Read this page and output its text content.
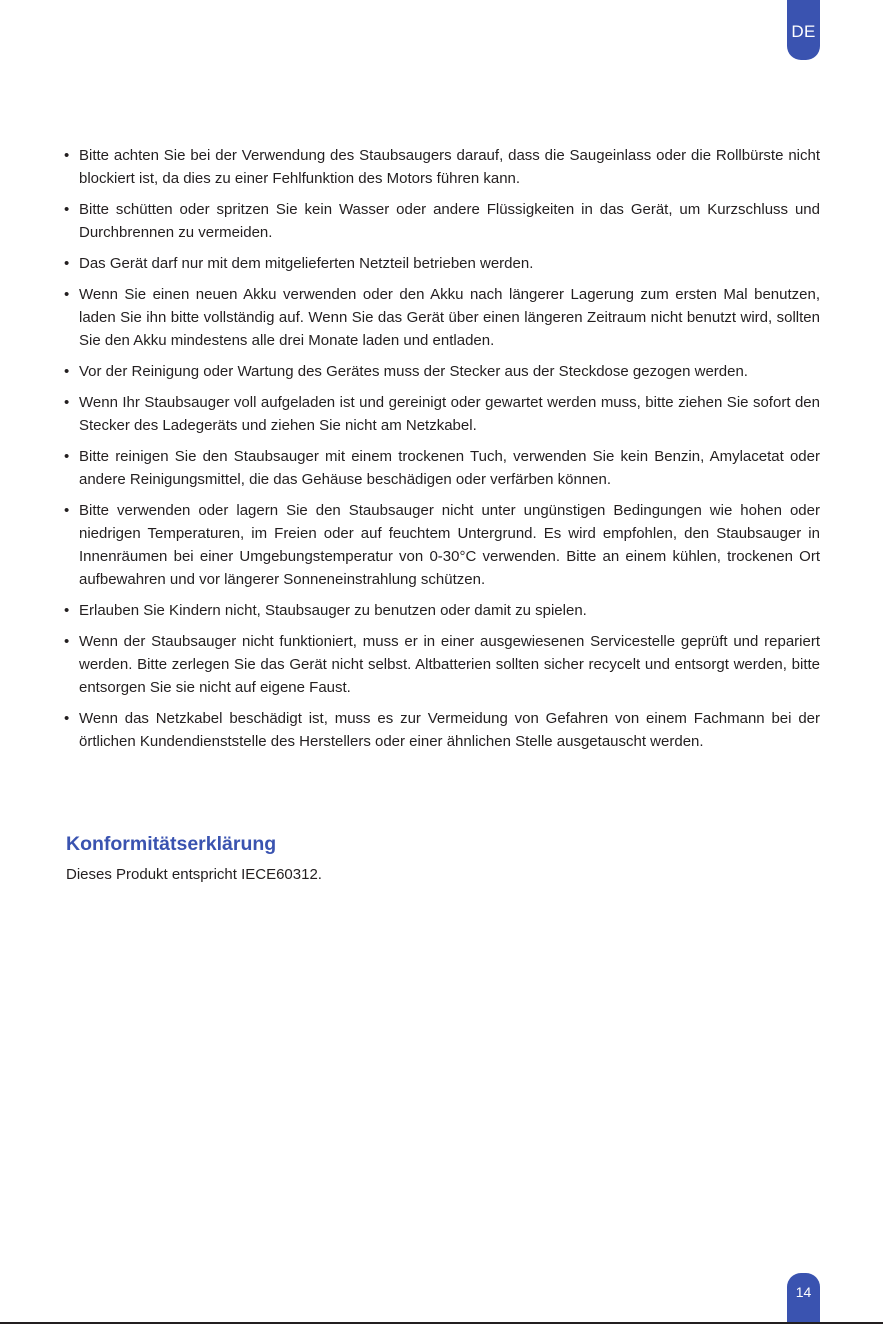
DE
• Bitte achten Sie bei der Verwendung des Staubsaugers darauf, dass die Saugeinlass oder die Rollbürste nicht blockiert ist, da dies zu einer Fehlfunktion des Motors führen kann.
• Bitte schütten oder spritzen Sie kein Wasser oder andere Flüssigkeiten in das Gerät, um Kurzschluss und Durchbrennen zu vermeiden.
• Das Gerät darf nur mit dem mitgelieferten Netzteil betrieben werden.
• Wenn Sie einen neuen Akku verwenden oder den Akku nach längerer Lagerung zum ersten Mal benutzen, laden Sie ihn bitte vollständig auf. Wenn Sie das Gerät über einen längeren Zeitraum nicht benutzt wird, sollten Sie den Akku mindestens alle drei Monate laden und entladen.
• Vor der Reinigung oder Wartung des Gerätes muss der Stecker aus der Steckdose gezogen werden.
• Wenn Ihr Staubsauger voll aufgeladen ist und gereinigt oder gewartet werden muss, bitte ziehen Sie sofort den Stecker des Ladegeräts und ziehen Sie nicht am Netzkabel.
• Bitte reinigen Sie den Staubsauger mit einem trockenen Tuch, verwenden Sie kein Benzin, Amylacetat oder andere Reinigungsmittel, die das Gehäuse beschädigen oder verfärben können.
• Bitte verwenden oder lagern Sie den Staubsauger nicht unter ungünstigen Bedingungen wie hohen oder niedrigen Temperaturen, im Freien oder auf feuchtem Untergrund. Es wird empfohlen, den Staubsauger in Innenräumen bei einer Umgebungstemperatur von 0-30°C verwenden. Bitte an einem kühlen, trockenen Ort aufbewahren und vor längerer Sonneneinstrahlung schützen.
• Erlauben Sie Kindern nicht, Staubsauger zu benutzen oder damit zu spielen.
• Wenn der Staubsauger nicht funktioniert, muss er in einer ausgewiesenen Servicestelle geprüft und repariert werden. Bitte zerlegen Sie das Gerät nicht selbst. Altbatterien sollten sicher recycelt und entsorgt werden, bitte entsorgen Sie sie nicht auf eigene Faust.
• Wenn das Netzkabel beschädigt ist, muss es zur Vermeidung von Gefahren von einem Fachmann bei der örtlichen Kundendienststelle des Herstellers oder einer ähnlichen Stelle ausgetauscht werden.
Konformitätserklärung

Dieses Produkt entspricht IECE60312.

14
